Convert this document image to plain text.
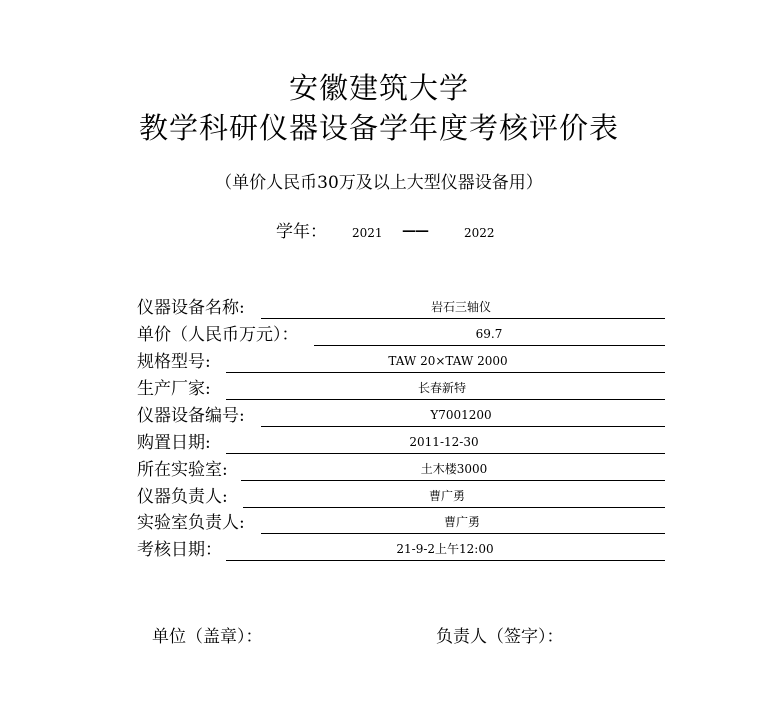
安徽建筑大学
教学科研仪器设备学年度考核评价表
（单价人民币30万及以上大型仪器设备用）
学年： 2021 ——	2022
仪器设备名称:	岩石三轴仪
单价（人民币万元）：	69.7
规格型号:	TAW 20×TAW 2000
生产厂家:	长春新特
仪器设备编号:	Y7001200
购置日期:	2011-12-30
所在实验室:	土木楼3000
仪器负责人:	曹广勇
实验室负责人:	曹广勇
考核日期：	21-9-2上午12:00
单位（盖章）：	负责人（签字）：
